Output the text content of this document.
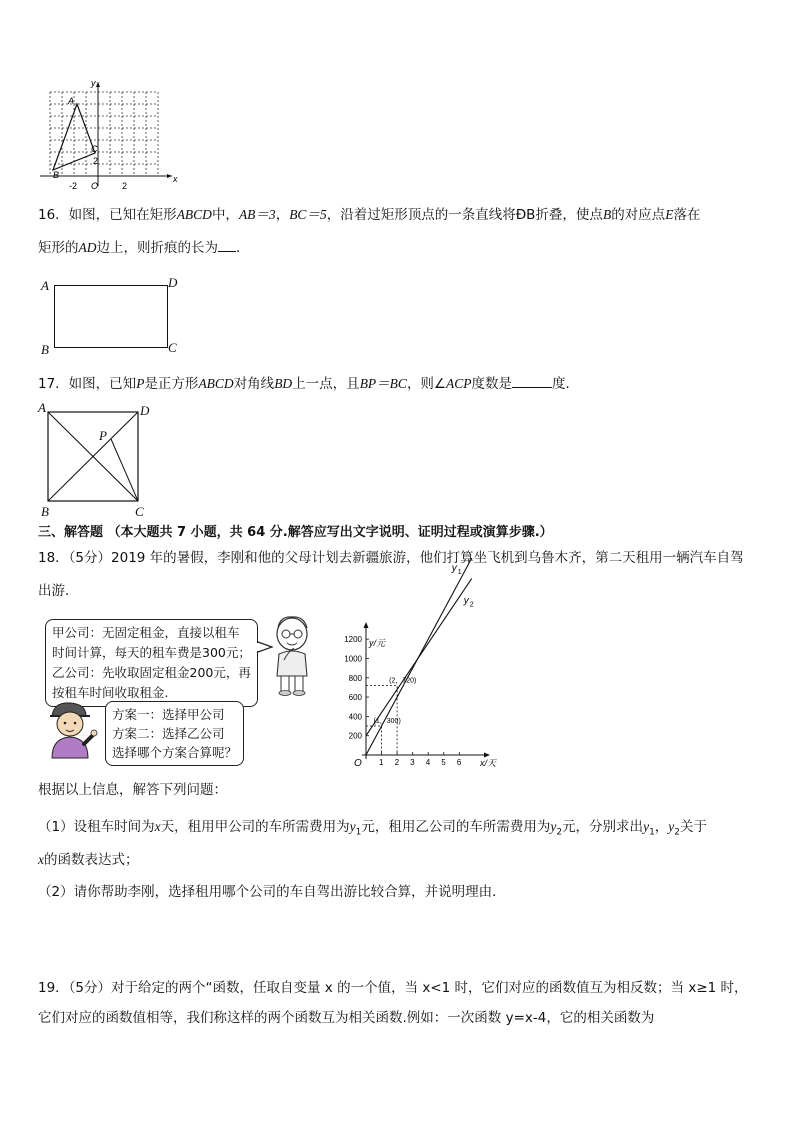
x
y
A
B
C
2
-2 O	2
16．如图，已知在矩形ABCD中，AB＝3，BC＝5，沿着过矩形顶点的一条直线将ÐB折叠，使点B的对应点E落在
矩形的AD边上，则折痕的长为 ．
A	D
B	C
17．如图，已知P是正方形ABCD对角线BD上一点，且BP＝BC，则∠ACP度数是	度．
A	D
P
B	C
三、解答题 （本大题共 7 小题，共 64 分.解答应写出文字说明、证明过程或演算步骤.）
18．（5分）2019 年的暑假，李刚和他的父母计划去新疆旅游，他们打算坐飞机到乌鲁木齐，第二天租用一辆汽车自驾
出游．
甲公司：无固定租金，直接以租车
时间计算，每天的租车费是300元；
乙公司：先收取固定租金200元，再
按租车时间收取租金.
方案一：选择甲公司
方案二：选择乙公司
选择哪个方案合算呢？
1 2 3 4 5 6
200
400
600
800
1000
1200
(1，300)
(2，720)
y 1
y 2
y/元
x/天
O
根据以上信息，解答下列问题：
（1）设租车时间为x天，租用甲公司的车所需费用为$y_1$元，租用乙公司的车所需费用为$y_2$元，分别求出$y_1$，$y_2$关于
x的函数表达式；
（2）请你帮助李刚，选择租用哪个公司的车自驾出游比较合算，并说明理由．
19．（5分）对于给定的两个“函数，任取自变量 x 的一个值，当 x<1 时，它们对应的函数值互为相反数；当 x≥1 时，
它们对应的函数值相等，我们称这样的两个函数互为相关函数.例如：一次函数 y=x-4，它的相关函数为
